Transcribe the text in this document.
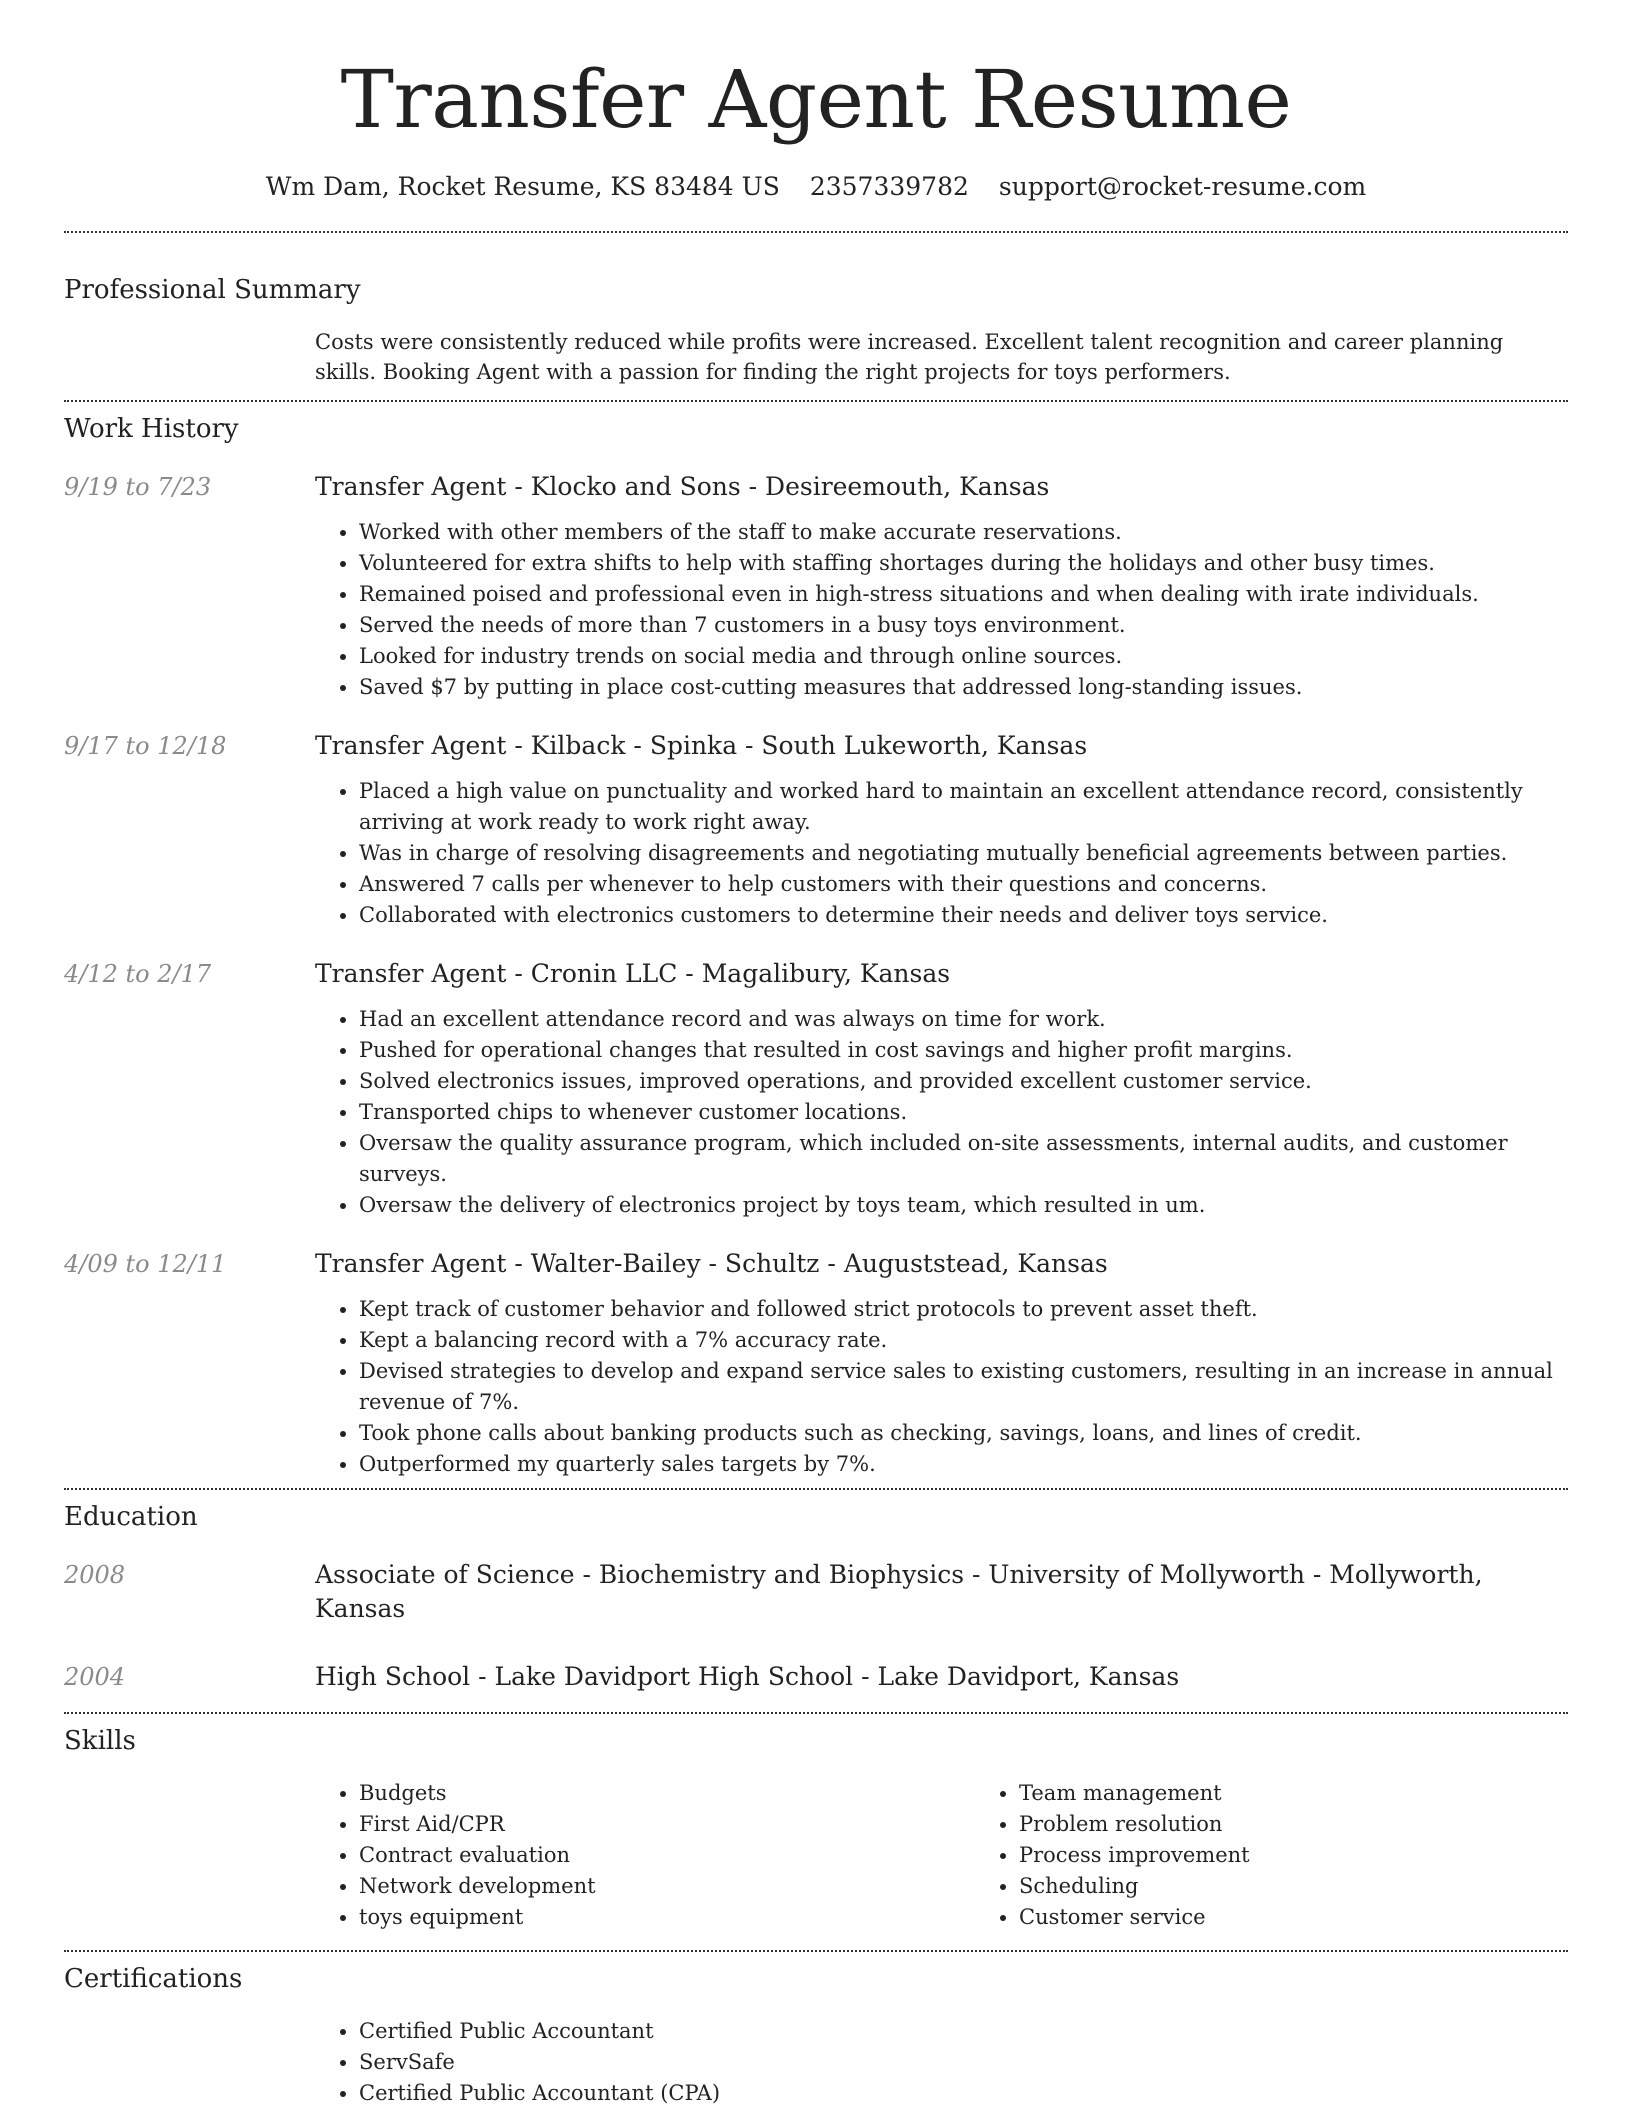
Transfer Agent Resume
Wm Dam, Rocket Resume, KS 83484 US 2357339782 support@rocket-resume.com
Professional Summary
Costs were consistently reduced while profits were increased. Excellent talent recognition and career planning skills. Booking Agent with a passion for finding the right projects for toys performers.
Work History
9/19 to 7/23	Transfer Agent - Klocko and Sons - Desireemouth, Kansas
• Worked with other members of the staff to make accurate reservations.
• Volunteered for extra shifts to help with staffing shortages during the holidays and other busy times.
• Remained poised and professional even in high-stress situations and when dealing with irate individuals.
• Served the needs of more than 7 customers in a busy toys environment.
• Looked for industry trends on social media and through online sources.
• Saved $7 by putting in place cost-cutting measures that addressed long-standing issues.
9/17 to 12/18	Transfer Agent - Kilback - Spinka - South Lukeworth, Kansas
• Placed a high value on punctuality and worked hard to maintain an excellent attendance record, consistently arriving at work ready to work right away.
• Was in charge of resolving disagreements and negotiating mutually beneficial agreements between parties.
• Answered 7 calls per whenever to help customers with their questions and concerns.
• Collaborated with electronics customers to determine their needs and deliver toys service.
4/12 to 2/17	Transfer Agent - Cronin LLC - Magalibury, Kansas
• Had an excellent attendance record and was always on time for work.
• Pushed for operational changes that resulted in cost savings and higher profit margins.
• Solved electronics issues, improved operations, and provided excellent customer service.
• Transported chips to whenever customer locations.
• Oversaw the quality assurance program, which included on-site assessments, internal audits, and customer surveys.
• Oversaw the delivery of electronics project by toys team, which resulted in um.
4/09 to 12/11	Transfer Agent - Walter-Bailey - Schultz - Auguststead, Kansas
• Kept track of customer behavior and followed strict protocols to prevent asset theft.
• Kept a balancing record with a 7% accuracy rate.
• Devised strategies to develop and expand service sales to existing customers, resulting in an increase in annual revenue of 7%.
• Took phone calls about banking products such as checking, savings, loans, and lines of credit.
• Outperformed my quarterly sales targets by 7%.
Education
2008	Associate of Science - Biochemistry and Biophysics - University of Mollyworth - Mollyworth, Kansas
2004	High School - Lake Davidport High School - Lake Davidport, Kansas
Skills
• Budgets
• First Aid/CPR
• Contract evaluation
• Network development
• toys equipment
• Team management
• Problem resolution
• Process improvement
• Scheduling
• Customer service
Certifications
• Certified Public Accountant
• ServSafe
• Certified Public Accountant (CPA)
